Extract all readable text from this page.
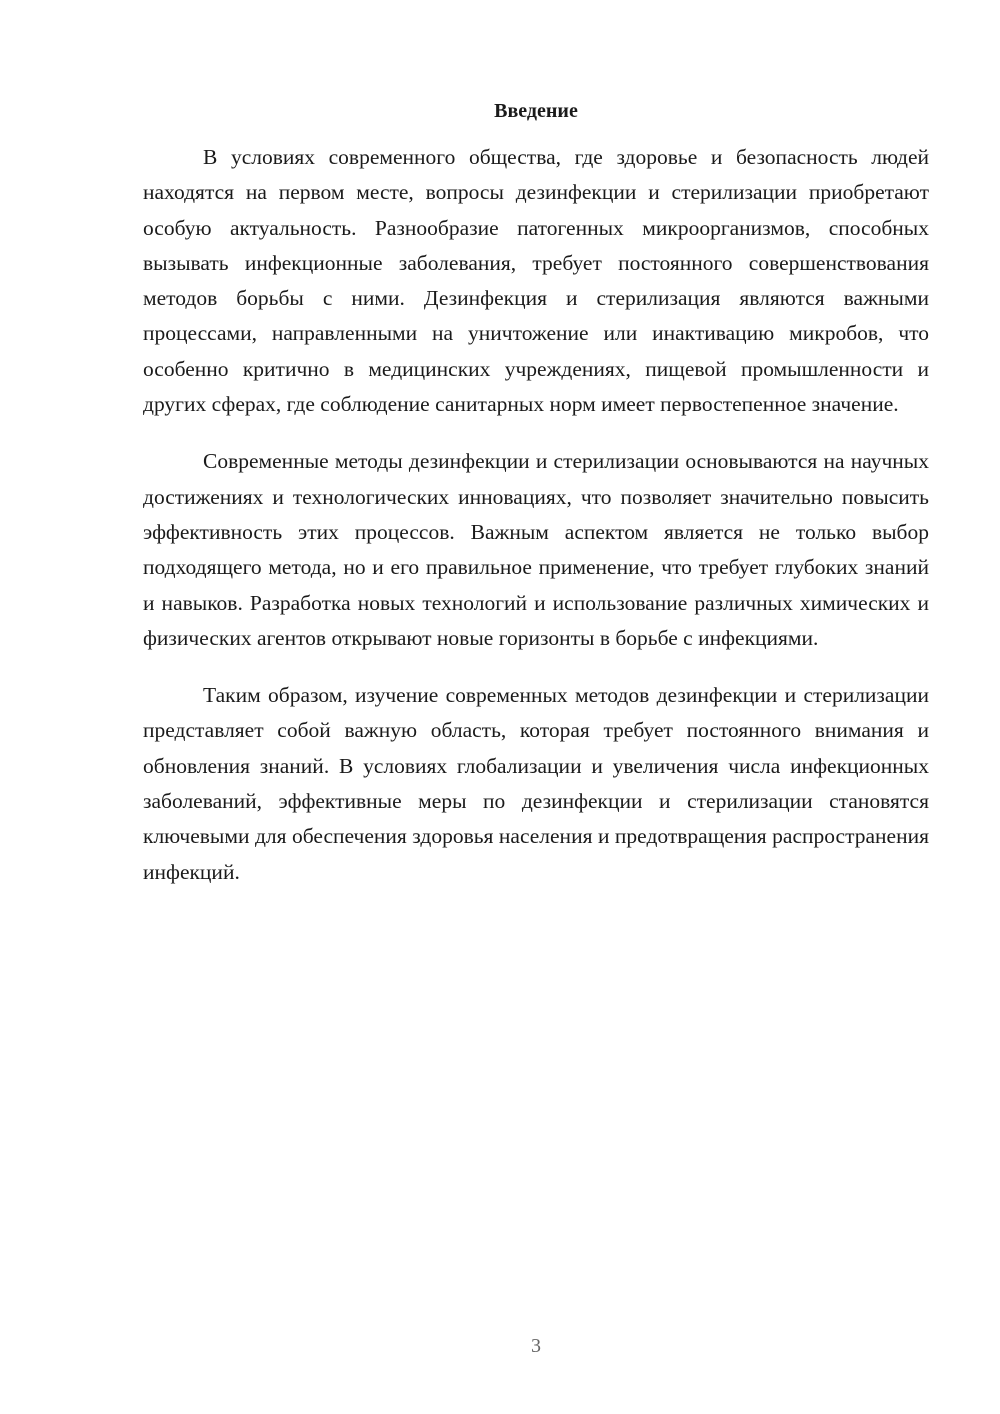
Введение

В условиях современного общества, где здоровье и безопасность людей находятся на первом месте, вопросы дезинфекции и стерилизации приобретают особую актуальность. Разнообразие патогенных микроорганизмов, способных вызывать инфекционные заболевания, требует постоянного совершенствования методов борьбы с ними. Дезинфекция и стерилизация являются важными процессами, направленными на уничтожение или инактивацию микробов, что особенно критично в медицинских учреждениях, пищевой промышленности и других сферах, где соблюдение санитарных норм имеет первостепенное значение.

Современные методы дезинфекции и стерилизации основываются на научных достижениях и технологических инновациях, что позволяет значительно повысить эффективность этих процессов. Важным аспектом является не только выбор подходящего метода, но и его правильное применение, что требует глубоких знаний и навыков. Разработка новых технологий и использование различных химических и физических агентов открывают новые горизонты в борьбе с инфекциями.

Таким образом, изучение современных методов дезинфекции и стерилизации представляет собой важную область, которая требует постоянного внимания и обновления знаний. В условиях глобализации и увеличения числа инфекционных заболеваний, эффективные меры по дезинфекции и стерилизации становятся ключевыми для обеспечения здоровья населения и предотвращения распространения инфекций.

3
